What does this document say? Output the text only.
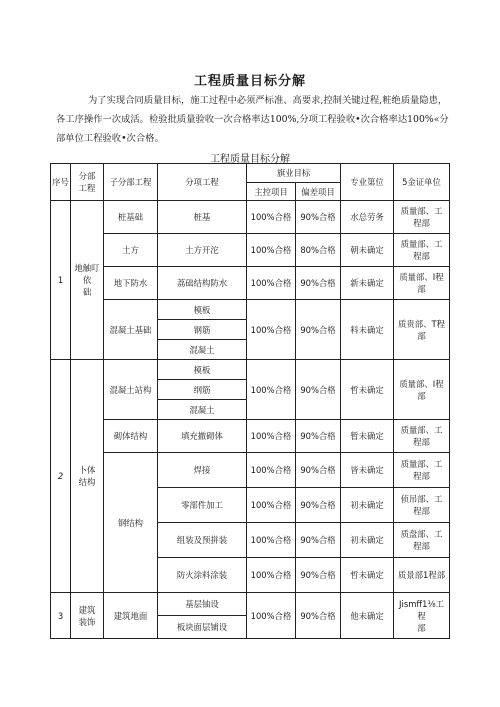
工程质量目标分解
为了实现合同质量目标，施工过程中必须严标准、高要求,控制关键过程,粧绝质量隐患，各工序操作一次成活。检验批质量验收一次合格率达100%,分项工程验收•次合格率达100%«分部单位工程验收•次合格。
工程质量目标分解
序号	分部
工程	子分部工程	分项工程	旗业目标		专业第位	5金证单位
				主控项目	偏差项目		
1	地触叮
依
础	桩基础	桩基	100%合格	90%合格	水总劳务	质量部、工
程部
		土方	土方开沱	100%合格	80%合格	朝未确定	质量部、工
程部
		地下防水	荔础结构防水	100%合格	90%合格	新未确定	质量部、I程
部
		混凝土基础	模板	100%合格	90%合格	料未确定	质贵部、T程
部
			钢筋				
			混凝土				
2	卜体
结构	混凝土站构	模板	100%合格	90%合格	哲未确定	质量部、I程
部
			纲筋				
			混凝土				
		砌体结构	填充撤砌体	100%合格	90%合格	暂未确定	质量部、工
程部
		钢结构	焊接	100%合格	90%合格	皆未确定	质量部、工
程部
			零部件加工	100%合格	90%合格	初未确定	侦吊部、工
程部
			组装及预拼装	100%合格	90%合格	初未确定	质盘部、工
程部
			防火涂料涂装	100%合格	90%合格	哲未确定	质景部1程部
3	建筑
装饰	建筑地面	基层铀设	100%合格	90%合格	他未确定	Jismff1⅛工程
部
			板块面层铺设				
